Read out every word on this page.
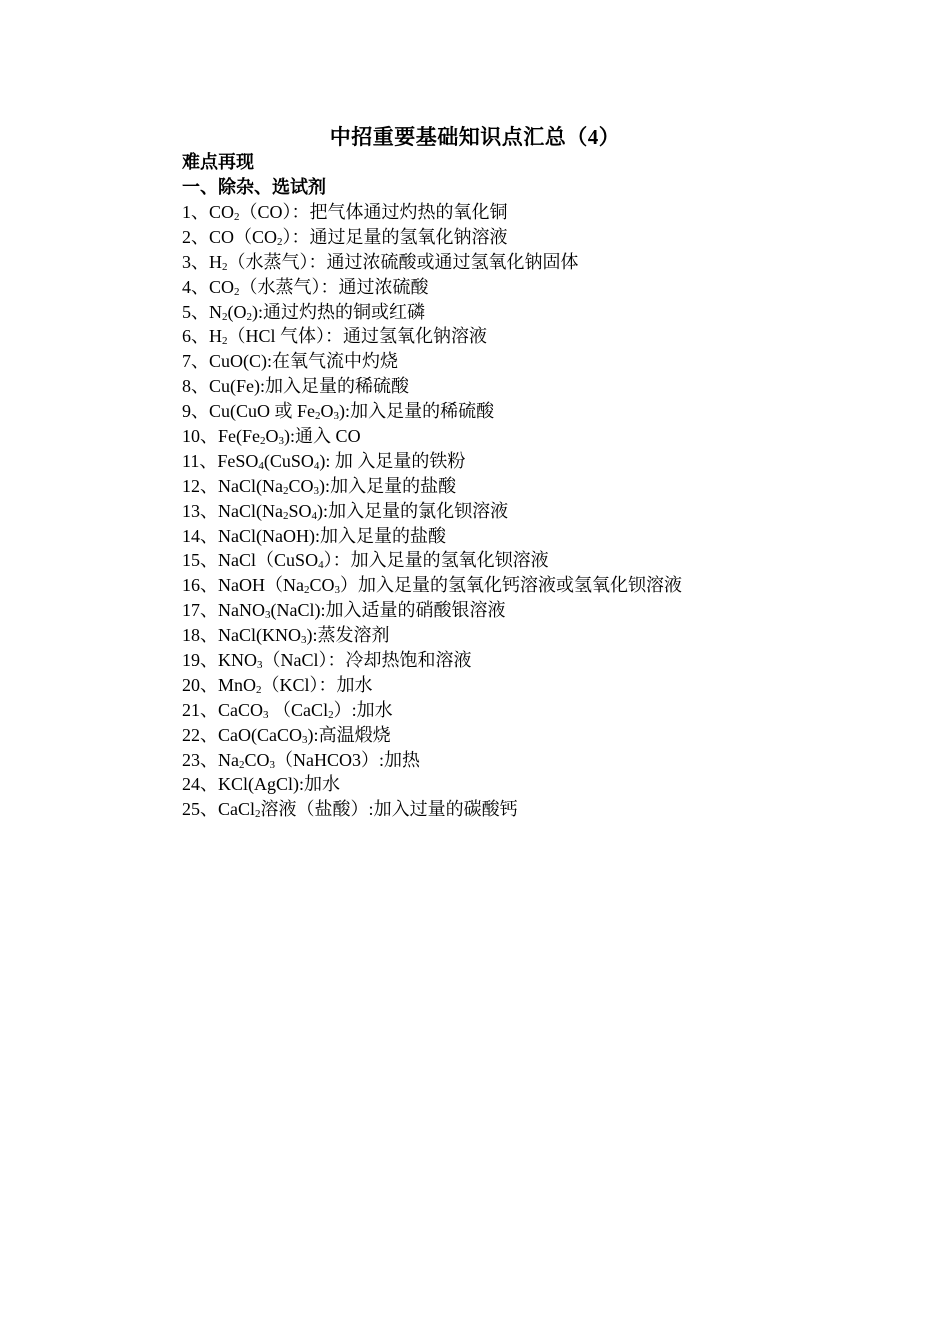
中招重要基础知识点汇总（4）
难点再现
一、除杂、选试剂
1、$CO_2(CO)$：把气体通过灼热的氧化铜
2、$CO(CO_2)$：通过足量的氢氧化钠溶液
3、$H_2$（水蒸气）：通过浓硫酸或通过氢氧化钠固体
4、$CO_2$（水蒸气）：通过浓硫酸
5、$N_2(O_2)$:通过灼热的铜或红磷
6、$H_2(HCl$ 气体）：通过氢氧化钠溶液
7、CuO(C):在氧气流中灼烧
8、Cu(Fe):加入足量的稀硫酸
9、Cu(CuO 或 $Fe_2O_3$):加入足量的稀硫酸
10、$Fe(Fe_2O_3)$:通入 CO
11、FeSO$_4$(CuSO$_4$): 加 入足量的铁粉
12、$NaCl(Na_2CO_3)$:加入足量的盐酸
13、$NaCl(Na_2SO_4)$:加入足量的氯化钡溶液
14、NaCl(NaOH):加入足量的盐酸
15、NaCl（CuSO$_4$）：加入足量的氢氧化钡溶液
16、$NaOH(Na_2CO_3)$加入足量的氢氧化钙溶液或氢氧化钡溶液
17、NaNO$_3$(NaCl):加入适量的硝酸银溶液
18、$NaCl(KNO_3)$:蒸发溶剂
19、$KNO_3(NaCl)$：冷却热饱和溶液
20、MnO$_2$（KCl）：加水
21、CaCO$_3$ （CaCl$_2$）:加水
22、CaO(CaCO$_3$):高温煅烧
23、$Na_2CO_3(NaHCO3)$:加热
24、KCl(AgCl):加水
25、CaCl$_2$溶液（盐酸）:加入过量的碳酸钙
